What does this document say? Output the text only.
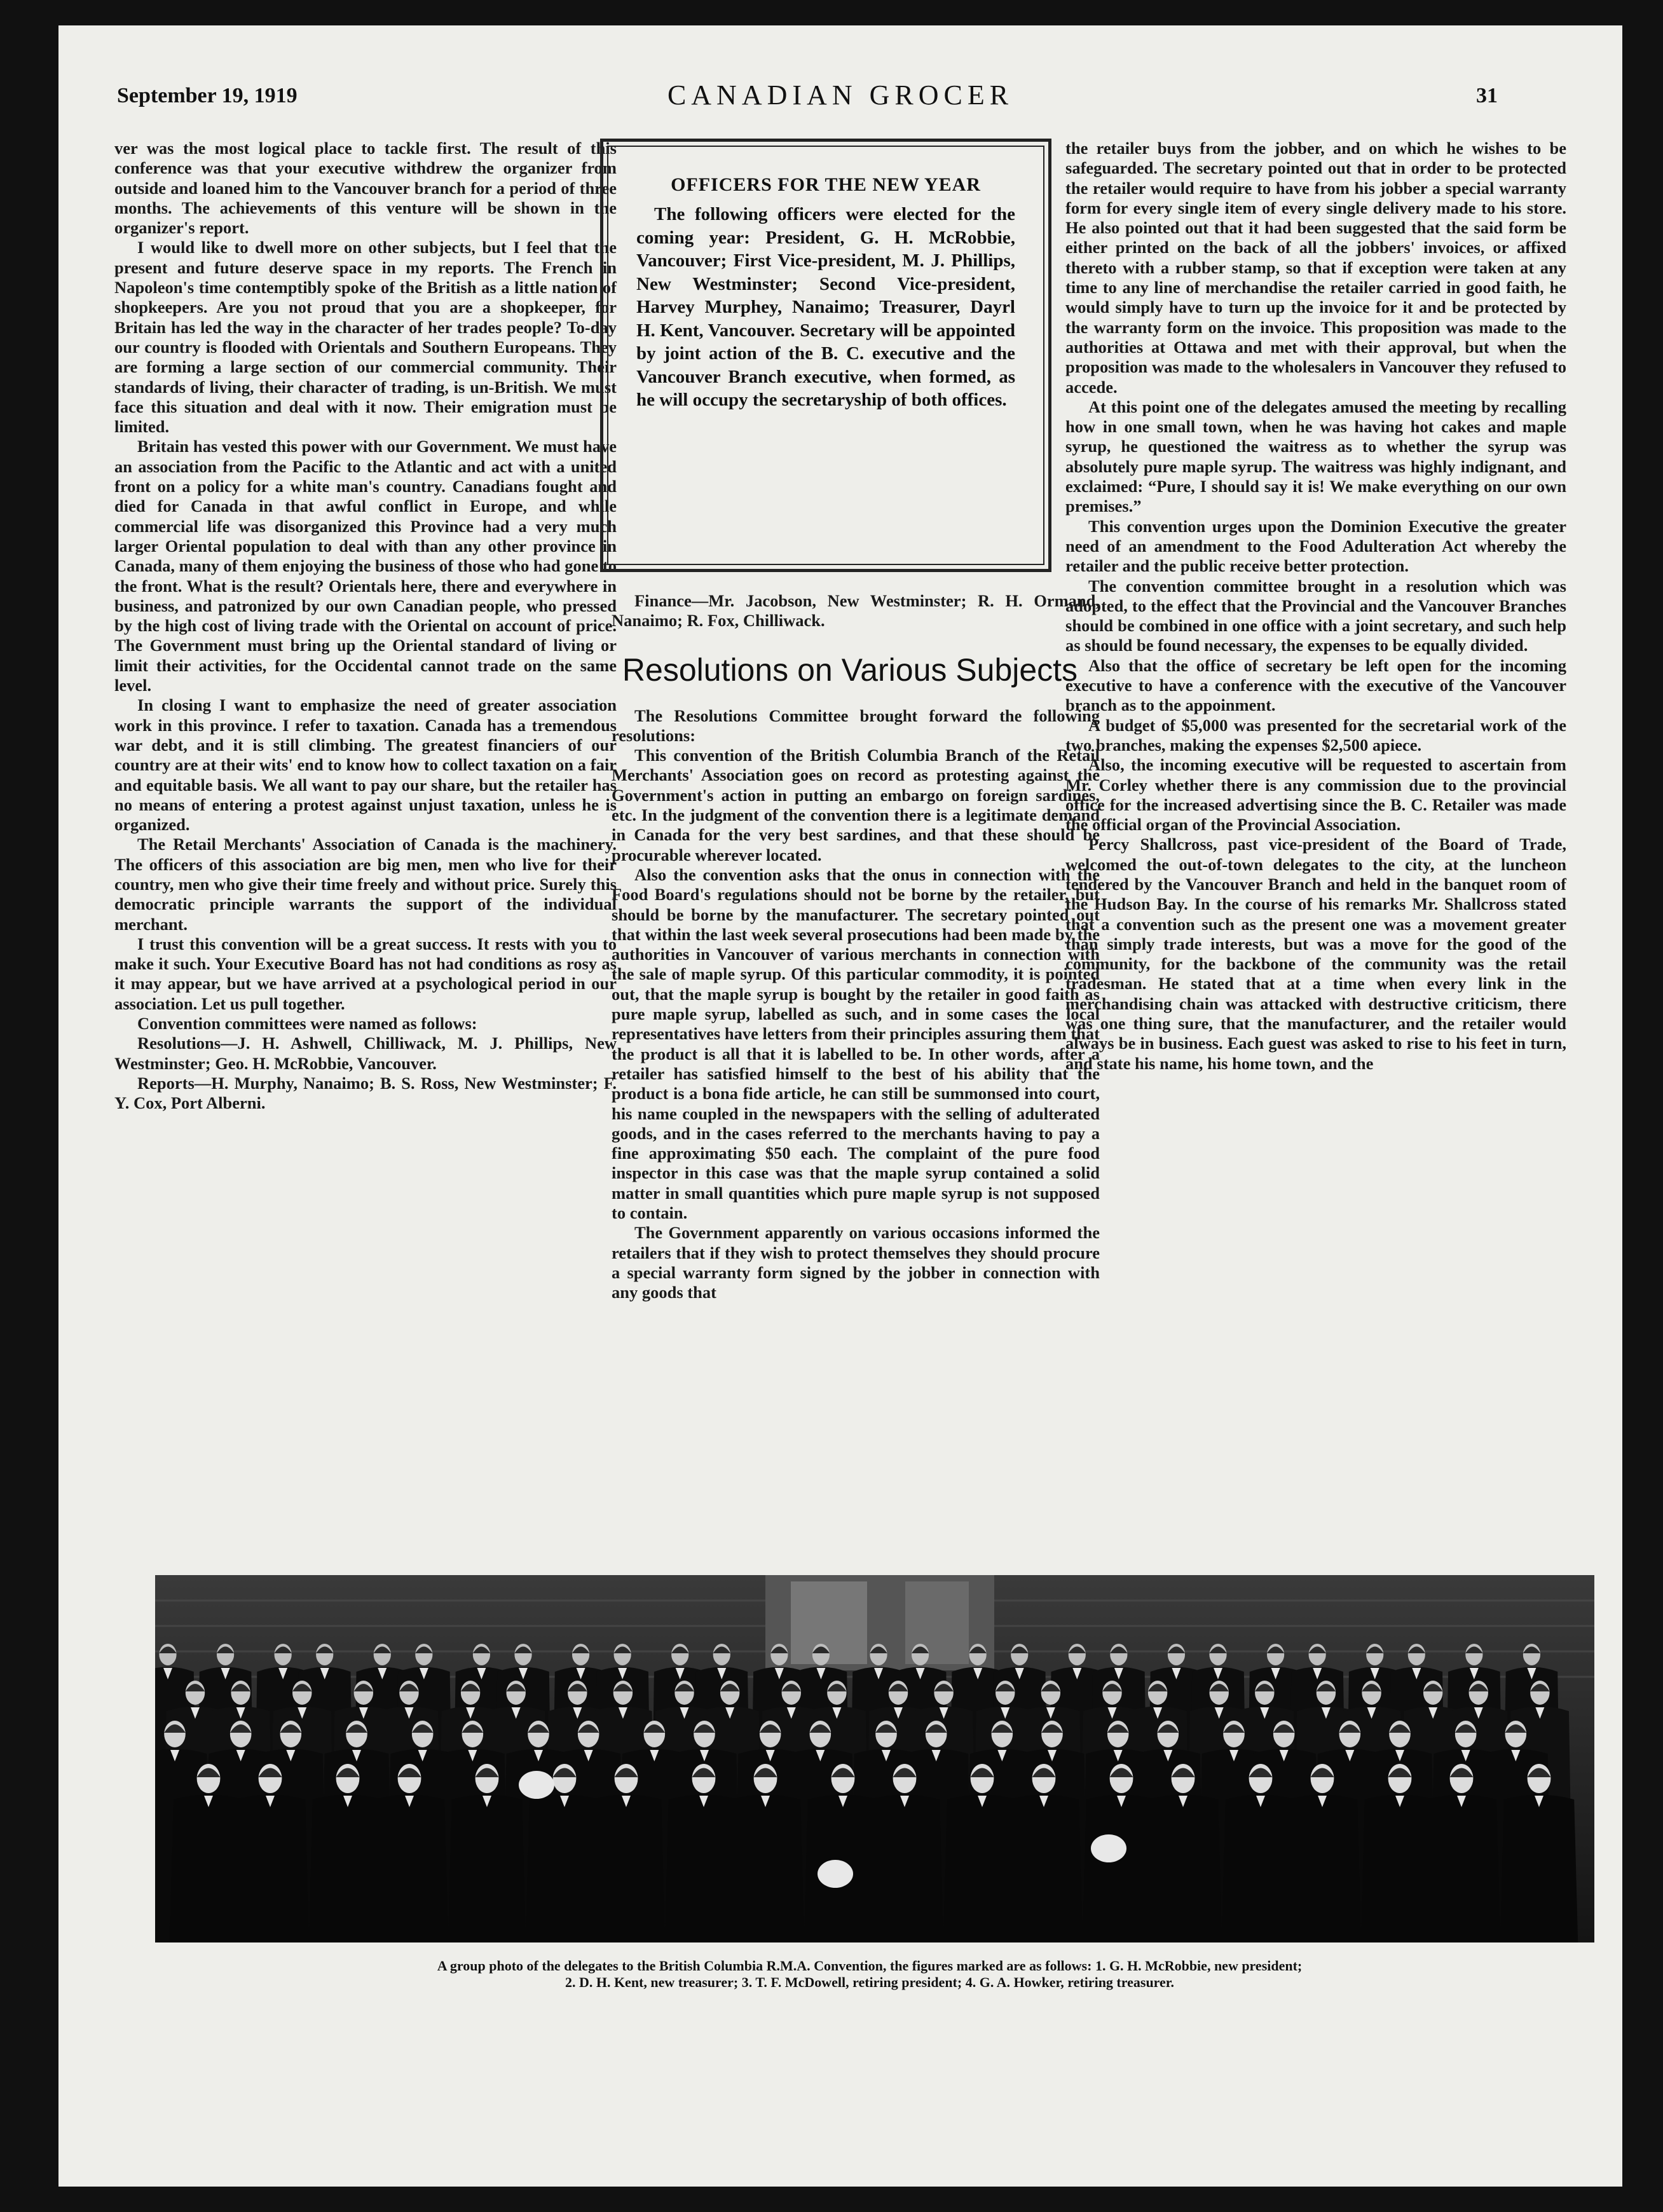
September 19, 1919	CANADIAN GROCER	31

ver was the most logical place to tackle first. The result of this conference was that your executive withdrew the organizer from outside and loaned him to the Vancouver branch for a period of three months. The achievements of this venture will be shown in the organizer's report.

I would like to dwell more on other subjects, but I feel that the present and future deserve space in my reports. The French in Napoleon's time contemptibly spoke of the British as a little nation of shopkeepers. Are you not proud that you are a shopkeeper, for Britain has led the way in the character of her trades people? To-day our country is flooded with Orientals and Southern Europeans. They are forming a large section of our commercial community. Their standards of living, their character of trading, is un-British. We must face this situation and deal with it now. Their emigration must be limited.

Britain has vested this power with our Government. We must have an association from the Pacific to the Atlantic and act with a united front on a policy for a white man's country. Canadians fought and died for Canada in that awful conflict in Europe, and while commercial life was disorganized this Province had a very much larger Oriental population to deal with than any other province in Canada, many of them enjoying the business of those who had gone to the front. What is the result? Orientals here, there and everywhere in business, and patronized by our own Canadian people, who pressed by the high cost of living trade with the Oriental on account of price. The Government must bring up the Oriental standard of living or limit their activities, for the Occidental cannot trade on the same level.

In closing I want to emphasize the need of greater association work in this province. I refer to taxation. Canada has a tremendous war debt, and it is still climbing. The greatest financiers of our country are at their wits' end to know how to collect taxation on a fair and equitable basis. We all want to pay our share, but the retailer has no means of entering a protest against unjust taxation, unless he is organized.

The Retail Merchants' Association of Canada is the machinery. The officers of this association are big men, men who live for their country, men who give their time freely and without price. Surely this democratic principle warrants the support of the individual merchant.

I trust this convention will be a great success. It rests with you to make it such. Your Executive Board has not had conditions as rosy as it may appear, but we have arrived at a psychological period in our association. Let us pull together.

Convention committees were named as follows:

Resolutions—J. H. Ashwell, Chilliwack, M. J. Phillips, New Westminster; Geo. H. McRobbie, Vancouver.

Reports—H. Murphy, Nanaimo; B. S. Ross, New Westminster; F. Y. Cox, Port Alberni.

OFFICERS FOR THE NEW YEAR
The following officers were elected for the coming year: President, G. H. McRobbie, Vancouver; First Vice-president, M. J. Phillips, New Westminster; Second Vice-president, Harvey Murphey, Nanaimo; Treasurer, Dayrl H. Kent, Vancouver. Secretary will be appointed by joint action of the B. C. executive and the Vancouver Branch executive, when formed, as he will occupy the secretaryship of both offices.

Finance—Mr. Jacobson, New Westminster; R. H. Ormand, Nanaimo; R. Fox, Chilliwack.

The Resolutions Committee brought forward the following resolutions:

This convention of the British Columbia Branch of the Retail Merchants' Association goes on record as protesting against the Government's action in putting an embargo on foreign sardines, etc. In the judgment of the convention there is a legitimate demand in Canada for the very best sardines, and that these should be procurable wherever located.

Also the convention asks that the onus in connection with the Food Board's regulations should not be borne by the retailer, but should be borne by the manufacturer. The secretary pointed out that within the last week several prosecutions had been made by the authorities in Vancouver of various merchants in connection with the sale of maple syrup. Of this particular commodity, it is pointed out, that the maple syrup is bought by the retailer in good faith as pure maple syrup, labelled as such, and in some cases the local representatives have letters from their principles assuring them that the product is all that it is labelled to be. In other words, after a retailer has satisfied himself to the best of his ability that the product is a bona fide article, he can still be summonsed into court, his name coupled in the newspapers with the selling of adulterated goods, and in the cases referred to the merchants having to pay a fine approximating $50 each. The complaint of the pure food inspector in this case was that the maple syrup contained a solid matter in small quantities which pure maple syrup is not supposed to contain.

The Government apparently on various occasions informed the retailers that if they wish to protect themselves they should procure a special warranty form signed by the jobber in connection with any goods that

Resolutions on Various Subjects

the retailer buys from the jobber, and on which he wishes to be safeguarded. The secretary pointed out that in order to be protected the retailer would require to have from his jobber a special warranty form for every single item of every single delivery made to his store. He also pointed out that it had been suggested that the said form be either printed on the back of all the jobbers' invoices, or affixed thereto with a rubber stamp, so that if exception were taken at any time to any line of merchandise the retailer carried in good faith, he would simply have to turn up the invoice for it and be protected by the warranty form on the invoice. This proposition was made to the authorities at Ottawa and met with their approval, but when the proposition was made to the wholesalers in Vancouver they refused to accede.

At this point one of the delegates amused the meeting by recalling how in one small town, when he was having hot cakes and maple syrup, he questioned the waitress as to whether the syrup was absolutely pure maple syrup. The waitress was highly indignant, and exclaimed: “Pure, I should say it is! We make everything on our own premises.”

This convention urges upon the Dominion Executive the greater need of an amendment to the Food Adulteration Act whereby the retailer and the public receive better protection.

The convention committee brought in a resolution which was adopted, to the effect that the Provincial and the Vancouver Branches should be combined in one office with a joint secretary, and such help as should be found necessary, the expenses to be equally divided.

Also that the office of secretary be left open for the incoming executive to have a conference with the executive of the Vancouver branch as to the appoinment.

A budget of $5,000 was presented for the secretarial work of the two branches, making the expenses $2,500 apiece.

Also, the incoming executive will be requested to ascertain from Mr. Corley whether there is any commission due to the provincial office for the increased advertising since the B. C. Retailer was made the official organ of the Provincial Association.

Percy Shallcross, past vice-president of the Board of Trade, welcomed the out-of-town delegates to the city, at the luncheon tendered by the Vancouver Branch and held in the banquet room of the Hudson Bay. In the course of his remarks Mr. Shallcross stated that a convention such as the present one was a movement greater than simply trade interests, but was a move for the good of the community, for the backbone of the community was the retail tradesman. He stated that at a time when every link in the merchandising chain was attacked with destructive criticism, there was one thing sure, that the manufacturer, and the retailer would always be in business. Each guest was asked to rise to his feet in turn, and state his name, his home town, and the

A group photo of the delegates to the British Columbia R.M.A. Convention, the figures marked are as follows: 1. G. H. McRobbie, new president;
2. D. H. Kent, new treasurer; 3. T. F. McDowell, retiring president; 4. G. A. Howker, retiring treasurer.
